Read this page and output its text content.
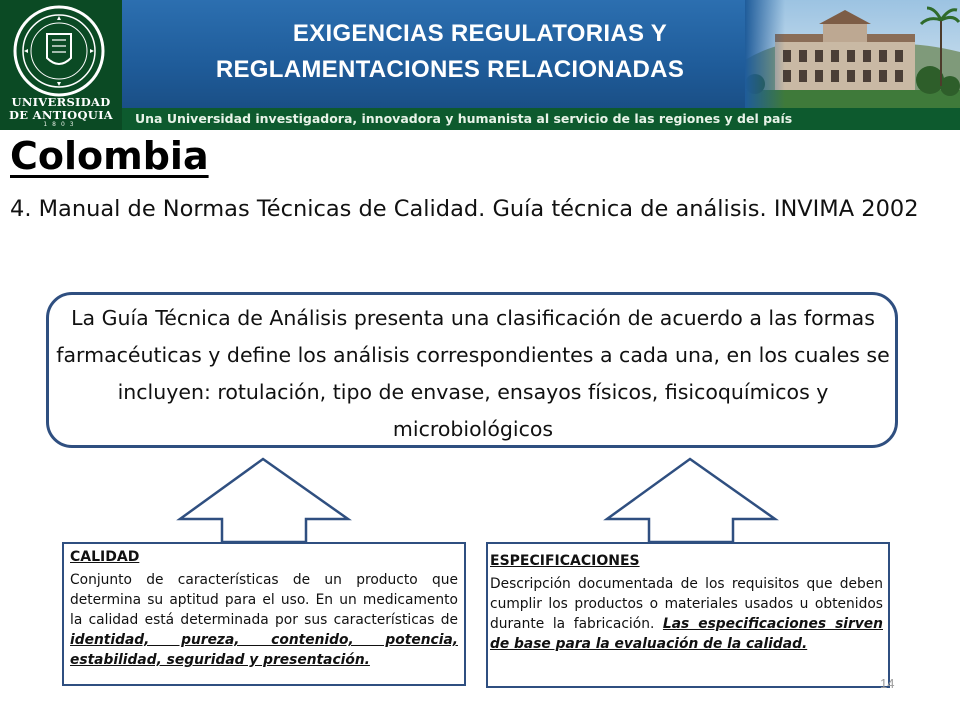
EXIGENCIAS REGULATORIAS Y
REGLAMENTACIONES RELACIONADAS
Una Universidad investigadora, innovadora y humanista al servicio de las regiones y del país
UNIVERSIDAD
DE ANTIOQUIA
1803
Colombia
4. Manual de Normas Técnicas de Calidad. Guía técnica de análisis. INVIMA 2002
La Guía Técnica de Análisis presenta una clasificación de acuerdo a las formas farmacéuticas y define los análisis correspondientes a cada una, en los cuales se incluyen: rotulación, tipo de envase, ensayos físicos, fisicoquímicos y microbiológicos
CALIDAD
Conjunto de características de un producto que determina su aptitud para el uso. En un medicamento la calidad está determinada por sus características de identidad, pureza, contenido, potencia, estabilidad, seguridad y presentación.
ESPECIFICACIONES
Descripción documentada de los requisitos que deben cumplir los productos o materiales usados u obtenidos durante la fabricación. Las especificaciones sirven de base para la evaluación de la calidad.
14
